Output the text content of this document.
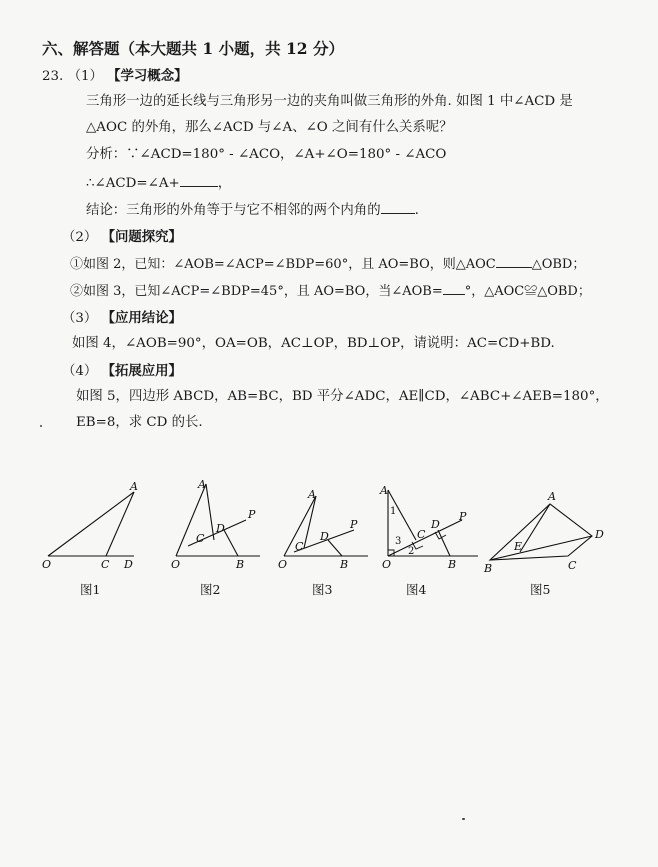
六、解答题（本大题共 1 小题，共 12 分）
23. （1） 【学习概念】
三角形一边的延长线与三角形另一边的夹角叫做三角形的外角. 如图 1 中∠ACD 是
△AOC 的外角，那么∠ACD 与∠A、∠O 之间有什么关系呢？
分析：∵∠ACD=180° - ∠ACO，∠A+∠O=180° - ∠ACO
∴∠ACD=∠A+	，
结论：三角形的外角等于与它不相邻的两个内角的	.
（2） 【问题探究】
①如图 2，已知：∠AOB=∠ACP=∠BDP=60°，且 AO=BO，则△AOC	△OBD；
②如图 3，已知∠ACP=∠BDP=45°，且 AO=BO，当∠AOB= °，△AOC≌△OBD；
（3） 【应用结论】
如图 4，∠AOB=90°，OA=OB，AC⊥OP，BD⊥OP，请说明：AC=CD+BD.
（4） 【拓展应用】
如图 5，四边形 ABCD，AB=BC，BD 平分∠ADC，AE∥CD，∠ABC+∠AEB=180°，
EB=8，求 CD 的长.
A
O	C D
A
O	B
C
D
P
A
O	B
C
D
P
A
O	B
C
D
P
1
2
3
A
B	C
D
E
图1	图2	图3	图4	图5
